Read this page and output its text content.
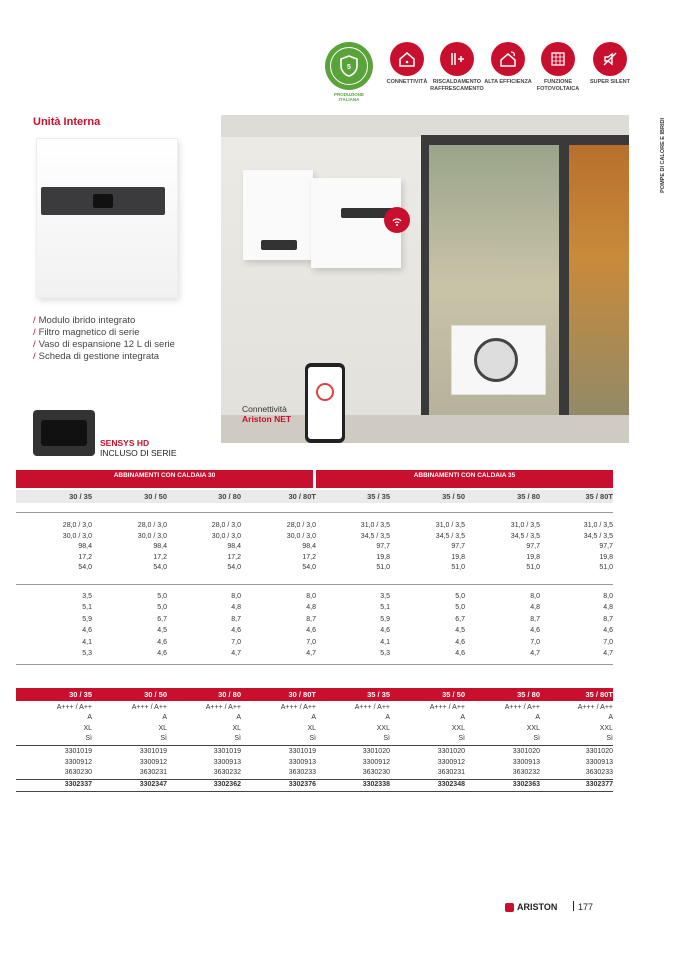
5
PRODUZIONE ITALIANA
CONNETTIVITÀ	RISCALDAMENTO RAFFRESCAMENTO
ALTA EFFICIENZA	FUNZIONE FOTOVOLTAICA
SUPER SILENT
POMPE DI CALORE E IBRIDI
Unità Interna
/ Modulo ibrido integrato
/ Filtro magnetico di serie
/ Vaso di espansione 12 L di serie
/ Scheda di gestione integrata
Connettività
Ariston NET
SENSYS HD
INCLUSO DI SERIE
ABBINAMENTI CON CALDAIA 30	ABBINAMENTI CON CALDAIA 35
30 / 35	30 / 50	30 / 80	30 / 80T	35 / 35	35 / 50	35 / 80	35 / 80T
28,0 / 3,0	28,0 / 3,0	28,0 / 3,0	28,0 / 3,0	31,0 / 3,5	31,0 / 3,5	31,0 / 3,5	31,0 / 3,5
30,0 / 3,0	30,0 / 3,0	30,0 / 3,0	30,0 / 3,0	34,5 / 3,5	34,5 / 3,5	34,5 / 3,5	34,5 / 3,5
98,4	98,4	98,4	98,4	97,7	97,7	97,7	97,7
17,2	17,2	17,2	17,2	19,8	19,8	19,8	19,8
54,0	54,0	54,0	54,0	51,0	51,0	51,0	51,0
3,5	5,0	8,0	8,0	3,5	5,0	8,0	8,0
5,1	5,0	4,8	4,8	5,1	5,0	4,8	4,8
5,9	6,7	8,7	8,7	5,9	6,7	8,7	8,7
4,6	4,5	4,6	4,6	4,6	4,5	4,6	4,6
4,1	4,6	7,0	7,0	4,1	4,6	7,0	7,0
5,3	4,6	4,7	4,7	5,3	4,6	4,7	4,7
30 / 35	30 / 50	30 / 80	30 / 80T	35 / 35	35 / 50	35 / 80	35 / 80T
A+++ / A++	A+++ / A++	A+++ / A++	A+++ / A++	A+++ / A++	A+++ / A++	A+++ / A++	A+++ / A++
A	A	A	A	A	A	A	A
XL	XL	XL	XL	XXL	XXL	XXL	XXL
Sì	Sì	Sì	Sì	Sì	Sì	Sì	Sì
3301019	3301019	3301019	3301019	3301020	3301020	3301020	3301020
3300912	3300912	3300913	3300913	3300912	3300912	3300913	3300913
3630230	3630231	3630232	3630233	3630230	3630231	3630232	3630233
3302337	3302347	3302362	3302376	3302338	3302348	3302363	3302377
ARISTON 177
